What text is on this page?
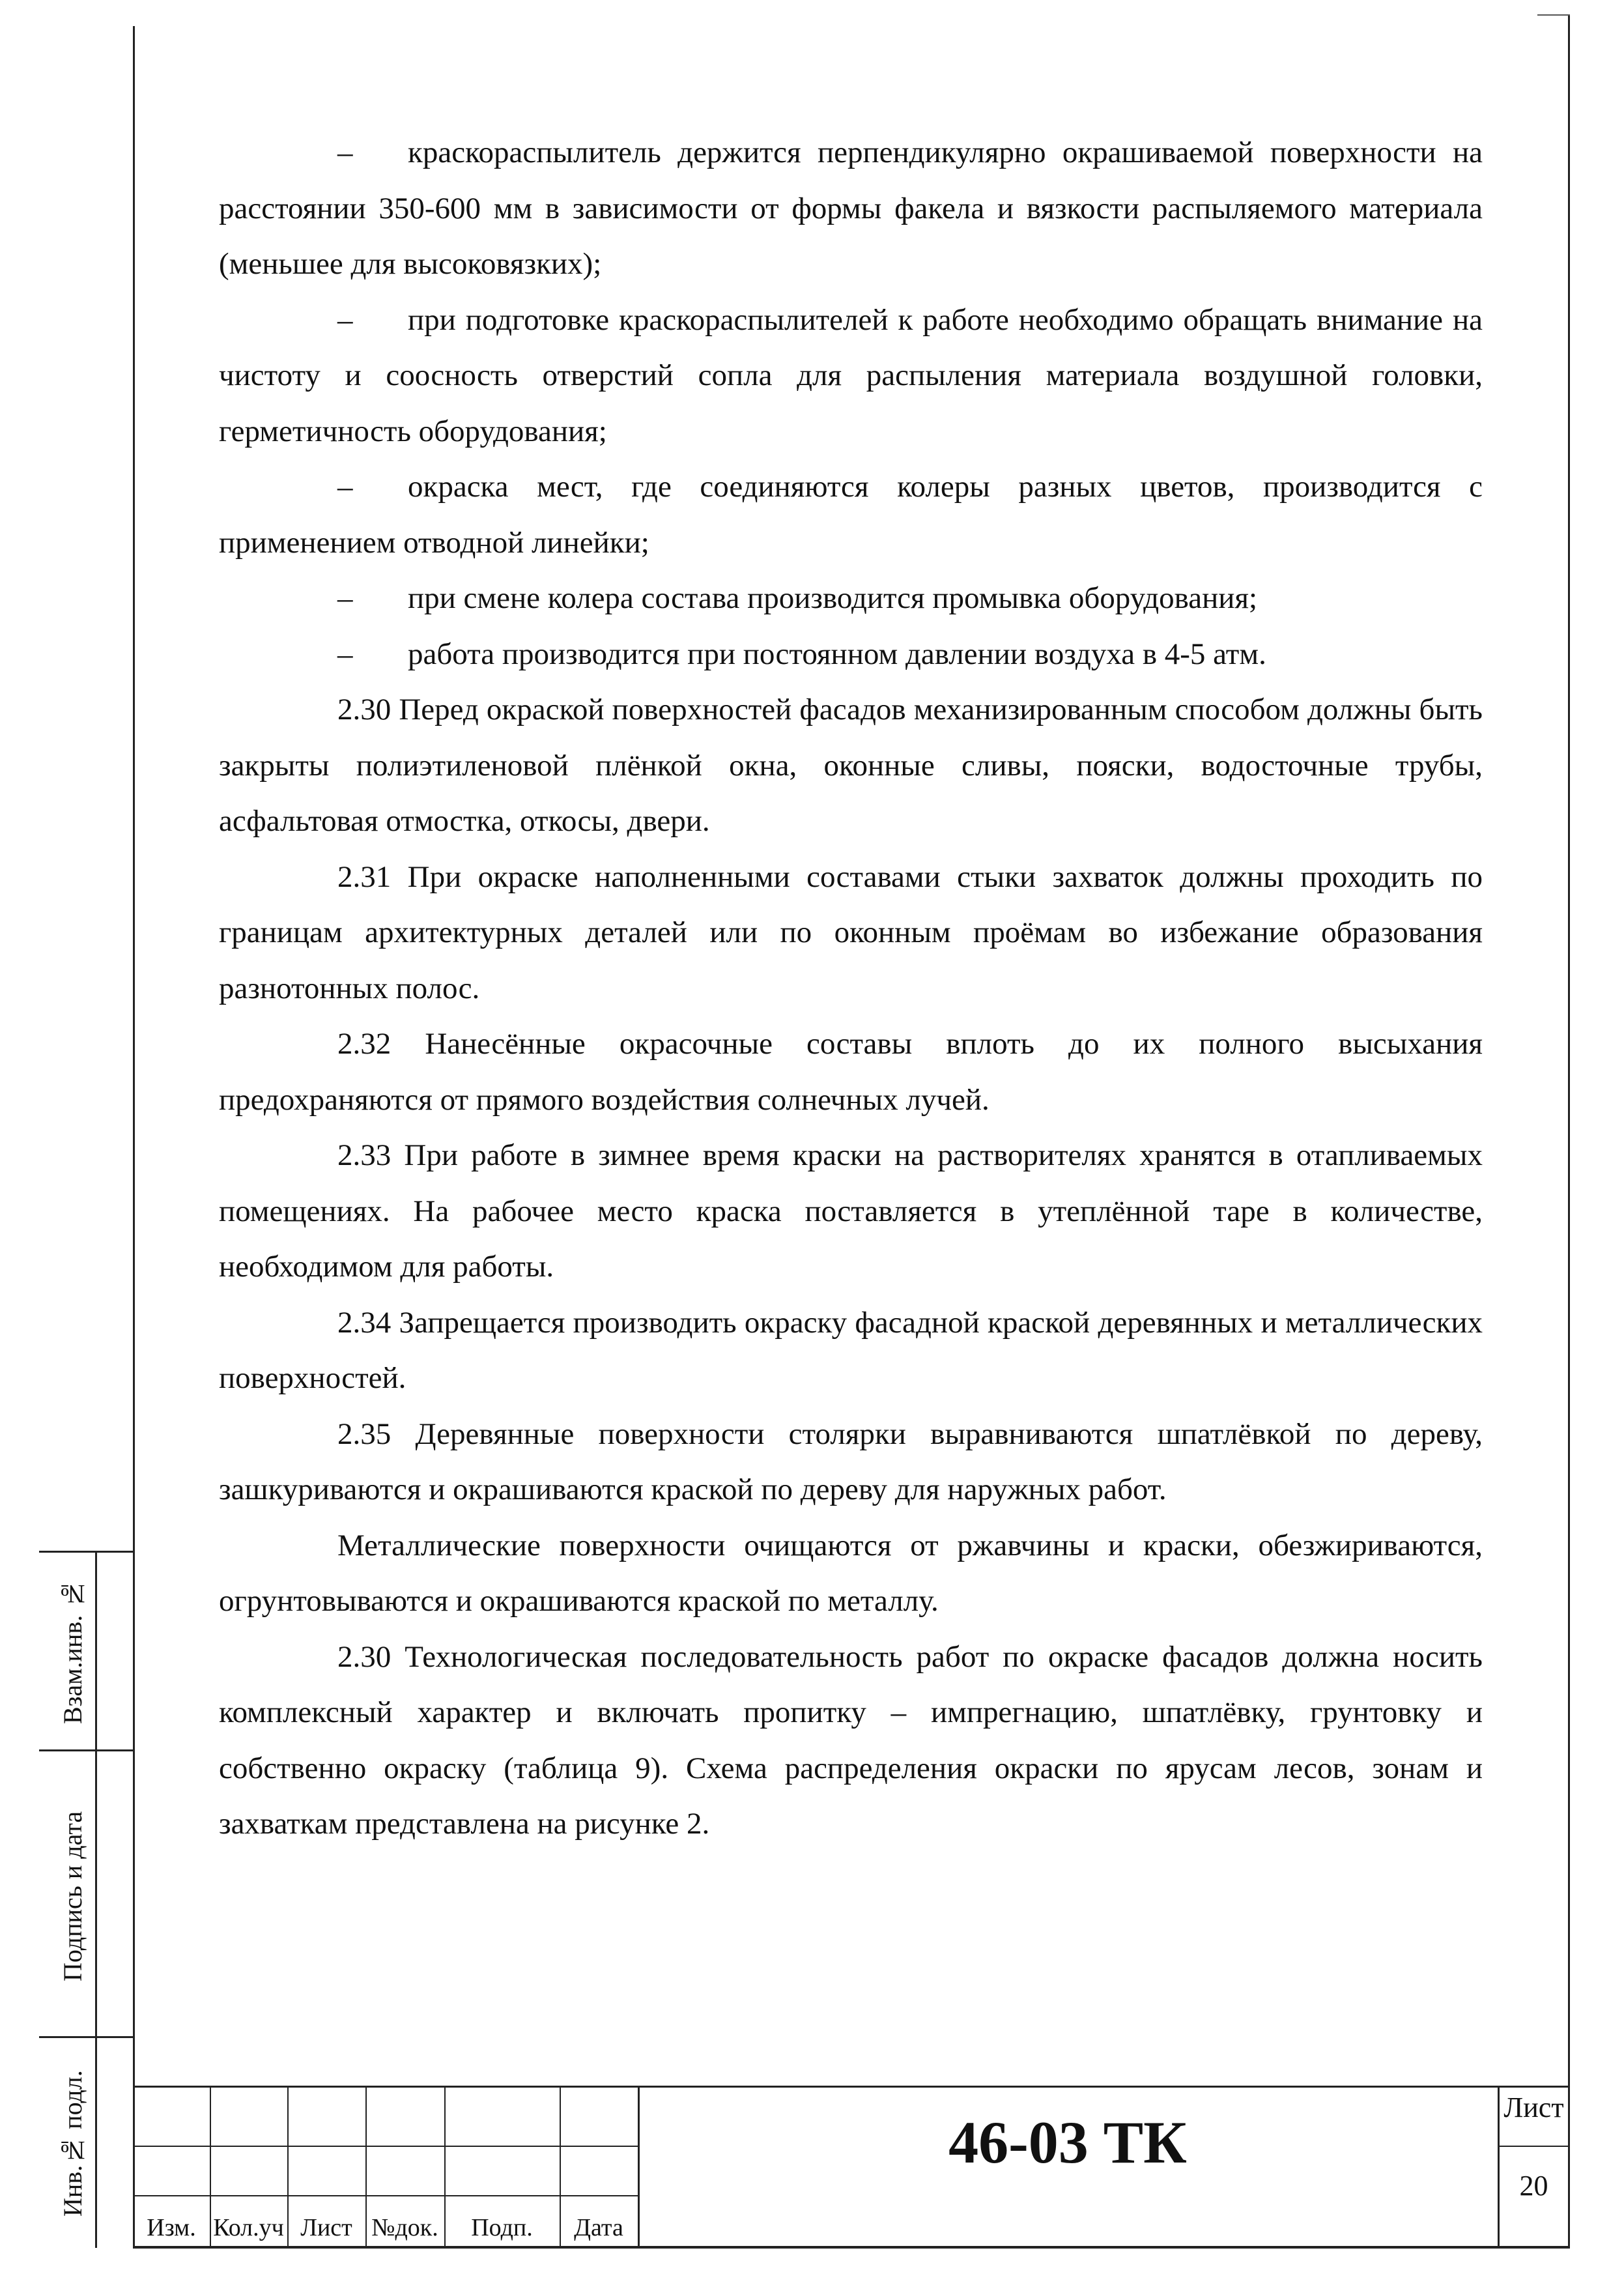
– краскораспылитель держится перпендикулярно окрашиваемой поверхности на расстоянии 350-600 мм в зависимости от формы факела и вязкости распыляемого материала (меньшее для высоковязких);

– при подготовке краскораспылителей к работе необходимо обращать внимание на чистоту и соосность отверстий сопла для распыления материала воздушной головки, герметичность оборудования;

– окраска мест, где соединяются колеры разных цветов, производится с применением отводной линейки;

– при смене колера состава производится промывка оборудования;

– работа производится при постоянном давлении воздуха в 4-5 атм.

2.30 Перед окраской поверхностей фасадов механизированным способом должны быть закрыты полиэтиленовой плёнкой окна, оконные сливы, пояски, водосточные трубы, асфальтовая отмостка, откосы, двери.

2.31 При окраске наполненными составами стыки захваток должны проходить по границам архитектурных деталей или по оконным проёмам во избежание образования разнотонных полос.

2.32 Нанесённые окрасочные составы вплоть до их полного высыхания предохраняются от прямого воздействия солнечных лучей.

2.33 При работе в зимнее время краски на растворителях хранятся в отапливаемых помещениях. На рабочее место краска поставляется в утеплённой таре в количестве, необходимом для работы.

2.34 Запрещается производить окраску фасадной краской деревянных и металлических поверхностей.

2.35 Деревянные поверхности столярки выравниваются шпатлёвкой по дереву, зашкуриваются и окрашиваются краской по дереву для наружных работ.

Металлические поверхности очищаются от ржавчины и краски, обезжириваются, огрунтовываются и окрашиваются краской по металлу.

2.30 Технологическая последовательность работ по окраске фасадов должна носить комплексный характер и включать пропитку – импрегнацию, шпатлёвку, грунтовку и собственно окраску (таблица 9). Схема распределения окраски по ярусам лесов, зонам и захваткам представлена на рисунке 2.

Взам.инв. №
Подпись и дата
Инв.№ подл.
Изм. Кол.уч Лист №док.	Подп.	Дата
46-03 ТК
Лист
20
